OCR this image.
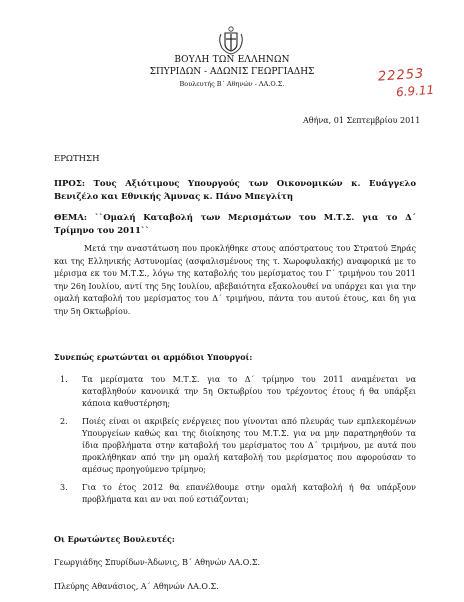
ΒΟΥΛΗ ΤΩΝ ΕΛΛΗΝΩΝ
ΣΠΥΡΙΔΩΝ - ΑΔΩΝΙΣ ΓΕΩΡΓΙΑΔΗΣ
Βουλευτής Β΄ Αθηνών - ΛΑ.Ο.Σ.	22253
6.9.11
Αθήνα, 01 Σεπτεμβρίου 2011
ΕΡΩΤΗΣΗ
ΠΡΟΣ: Τους Αξιότιμους Υπουργούς των Οικονομικών κ. Ευάγγελο Βενιζέλο και Εθνικής Άμυνας κ. Πάνο Μπεγλίτη
ΘΕΜΑ: ``Ομαλή Καταβολή των Μερισμάτων του Μ.Τ.Σ. για το Δ΄ Τρίμηνο του 2011``
Μετά την αναστάτωση που προκλήθηκε στους απόστρατους του Στρατού Ξηράς και της Ελληνικής Αστυνομίας (ασφαλισμένους της τ. Χωροφυλακής) αναφορικά με το μέρισμα εκ του Μ.Τ.Σ., λόγω της καταβολής του μερίσματος του Γ΄ τριμήνου του 2011 την 26η Ιουλίου, αντί της 5ης Ιουλίου, αβεβαιότητα εξακολουθεί να υπάρχει και για την ομαλή καταβολή του μερίσματος του Δ΄ τριμήνου, πάντα του αυτού έτους, και δη για την 5η Οκτωβρίου.
Συνεπώς ερωτώνται οι αρμόδιοι Υπουργοί:
1. Τα μερίσματα του Μ.Τ.Σ. για το Δ΄ τρίμηνο του 2011 αναμένεται να καταβληθούν κανονικά την 5η Οκτωβρίου του τρέχοντος έτους ή θα υπάρξει κάποια καθυστέρηση;
2. Ποιές είναι οι ακριβείς ενέργειες που γίνονται από πλευράς των εμπλεκομένων Υπουργείων καθώς και της διοίκησης του Μ.Τ.Σ. για να μην παρατηρηθούν τα ίδια προβλήματα στην καταβολή του μερίσματος του Δ΄ τριμήνου, με αυτά που προκλήθηκαν από την μη ομαλή καταβολή του μερίσματος που αφορούσαν το αμέσως προηγούμενο τρίμηνο;
3. Για το έτος 2012 θα επανέλθουμε στην ομαλή καταβολή ή θα υπάρξουν προβλήματα και αν ναι πού εστιάζονται;
Οι Ερωτώντες Βουλευτές:
Γεωργιάδης Σπυρίδων-Άδωνις, Β΄ Αθηνών ΛΑ.Ο.Σ.
Πλεύρης Αθανάσιος, Α΄ Αθηνών ΛΑ.Ο.Σ.
